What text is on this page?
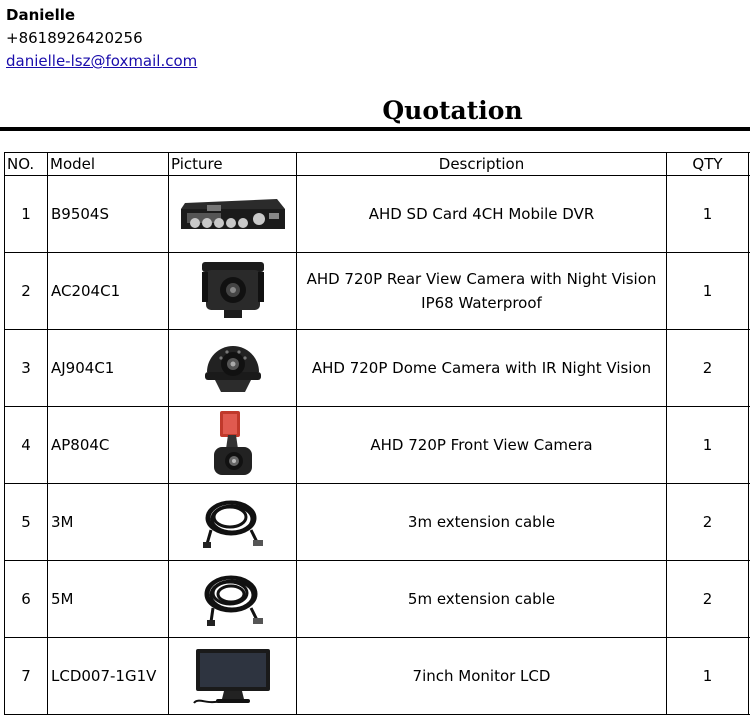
Danielle
+8618926420256
danielle-lsz@foxmail.com
Quotation
NO.	Model	Picture	Description	QTY	
1	B9504S		AHD SD Card 4CH Mobile DVR	1	
2	AC204C1		AHD 720P Rear View Camera with Night Vision IP68 Waterproof	1	
3	AJ904C1		AHD 720P Dome Camera with IR Night Vision	2	
4	AP804C		AHD 720P Front View Camera	1	
5	3M		3m extension cable	2	
6	5M		5m extension cable	2	
7	LCD007-1G1V		7inch Monitor LCD	1	
